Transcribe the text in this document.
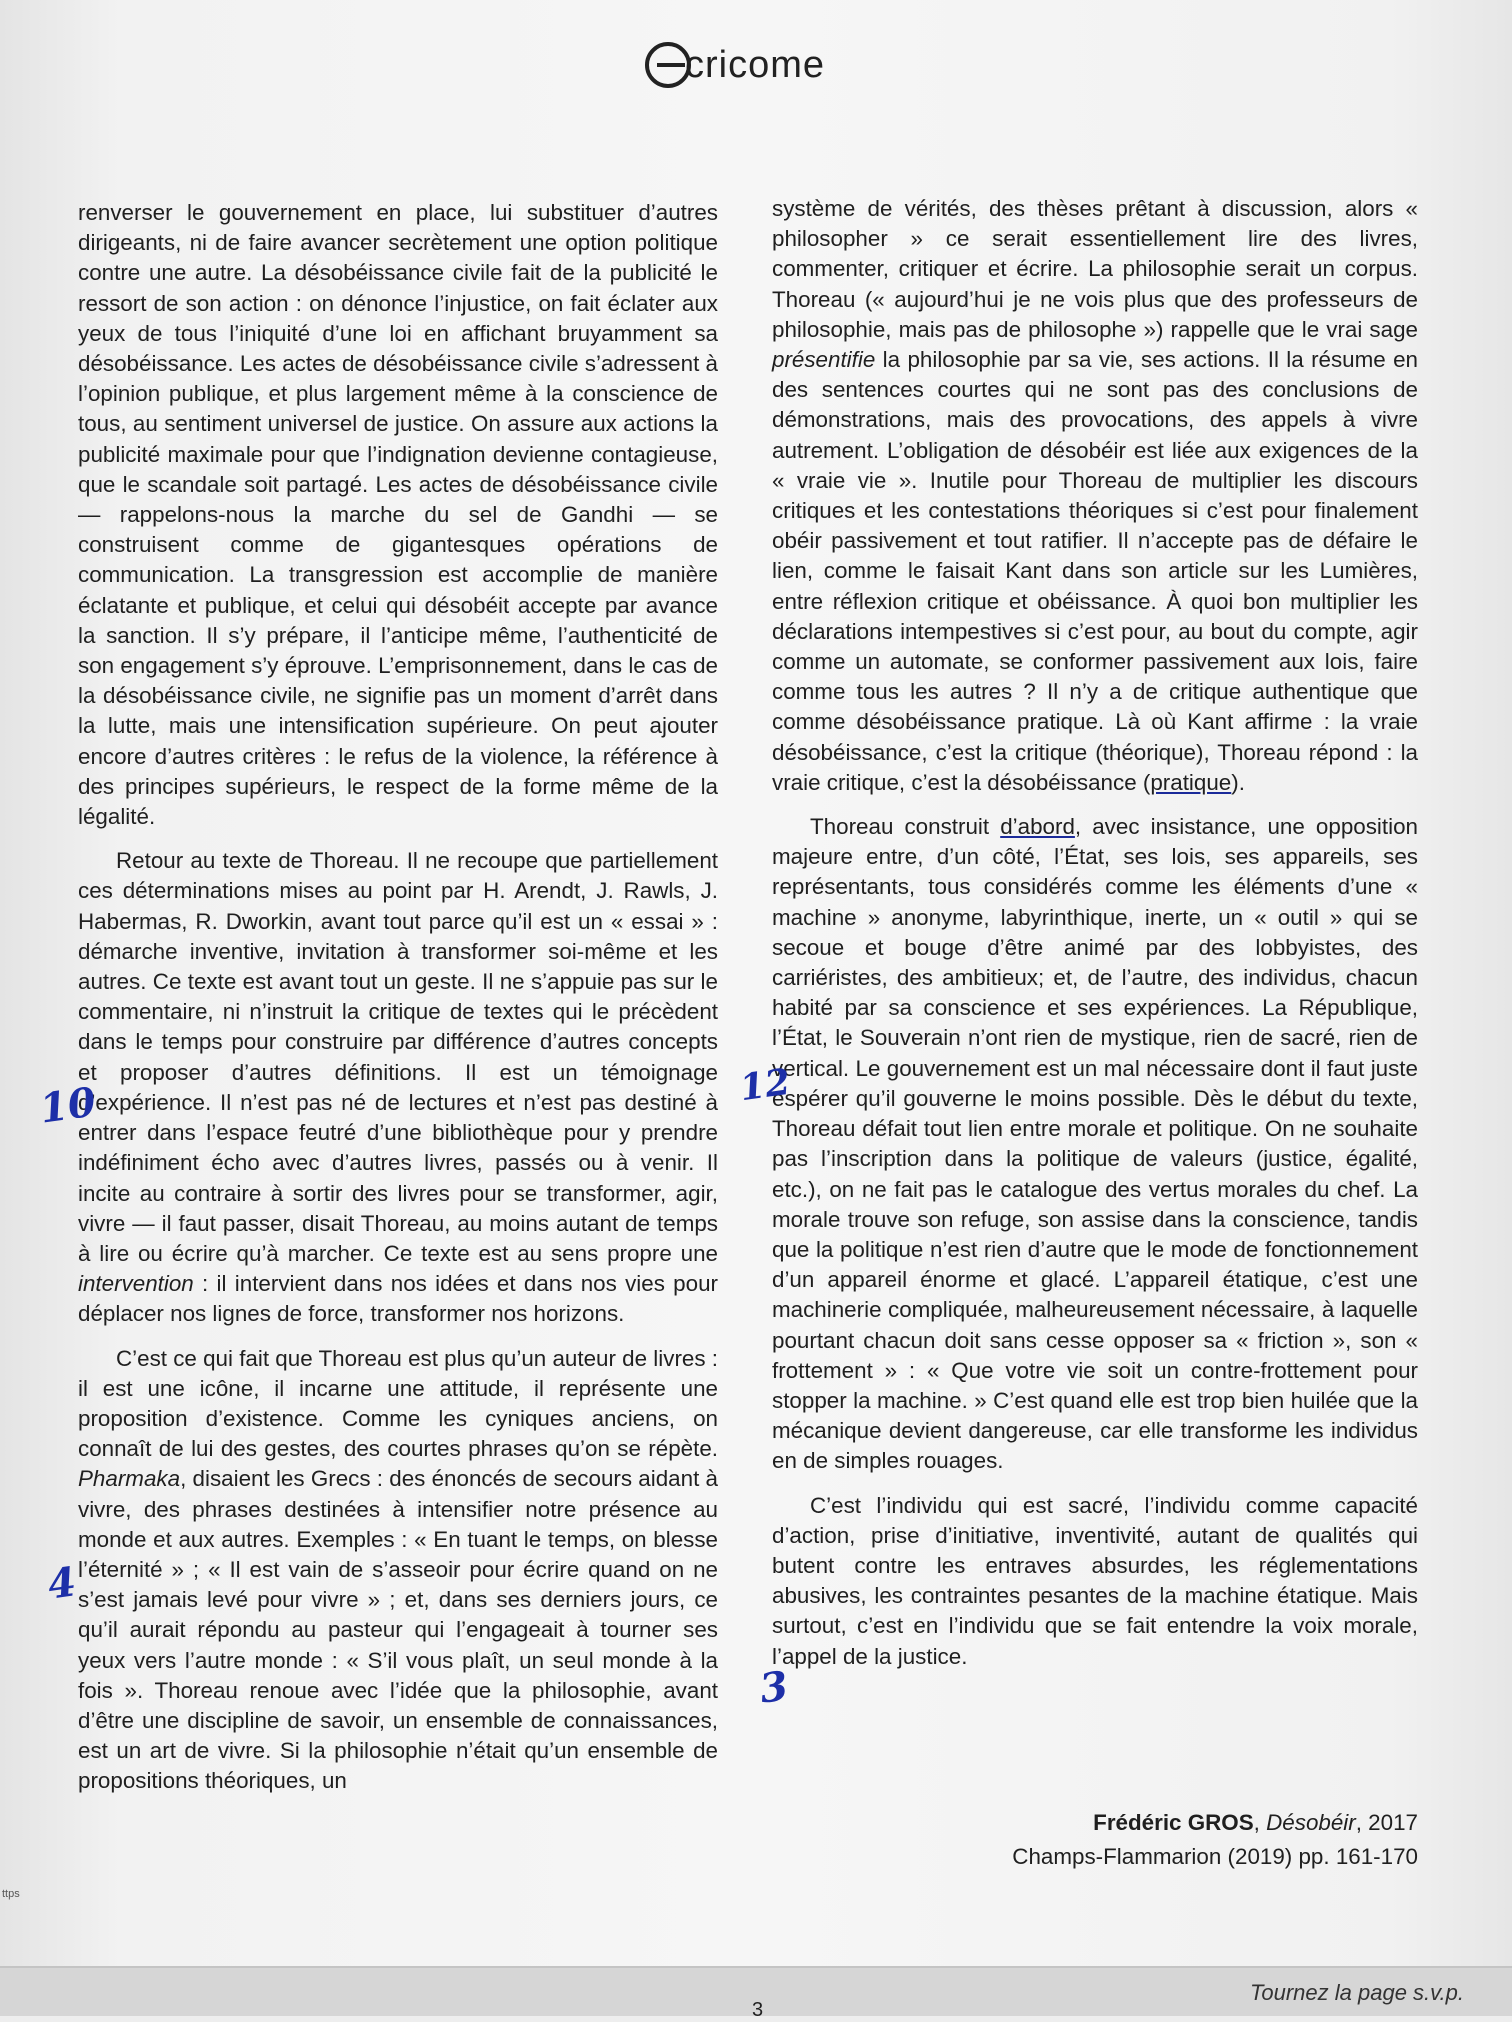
cricome

renverser le gouvernement en place, lui substituer d’autres dirigeants, ni de faire avancer secrètement une option politique contre une autre. La désobéissance civile fait de la publicité le ressort de son action : on dénonce l’injustice, on fait éclater aux yeux de tous l’iniquité d’une loi en affichant bruyamment sa désobéissance. Les actes de désobéissance civile s’adressent à l’opinion publique, et plus largement même à la conscience de tous, au sentiment universel de justice. On assure aux actions la publicité maximale pour que l’indignation devienne contagieuse, que le scandale soit partagé. Les actes de désobéissance civile — rappelons-nous la marche du sel de Gandhi — se construisent comme de gigantesques opérations de communication. La transgression est accomplie de manière éclatante et publique, et celui qui désobéit accepte par avance la sanction. Il s’y prépare, il l’anticipe même, l’authenticité de son engagement s’y éprouve. L’emprisonnement, dans le cas de la désobéissance civile, ne signifie pas un moment d’arrêt dans la lutte, mais une intensification supérieure. On peut ajouter encore d’autres critères : le refus de la violence, la référence à des principes supérieurs, le respect de la forme même de la légalité.

Retour au texte de Thoreau. Il ne recoupe que partiellement ces déterminations mises au point par H. Arendt, J. Rawls, J. Habermas, R. Dworkin, avant tout parce qu’il est un « essai » : démarche inventive, invitation à transformer soi-même et les autres. Ce texte est avant tout un geste. Il ne s’appuie pas sur le commentaire, ni n’instruit la critique de textes qui le précèdent dans le temps pour construire par différence d’autres concepts et proposer d’autres définitions. Il est un témoignage d’expérience. Il n’est pas né de lectures et n’est pas destiné à entrer dans l’espace feutré d’une bibliothèque pour y prendre indéfiniment écho avec d’autres livres, passés ou à venir. Il incite au contraire à sortir des livres pour se transformer, agir, vivre — il faut passer, disait Thoreau, au moins autant de temps à lire ou écrire qu’à marcher. Ce texte est au sens propre une intervention : il intervient dans nos idées et dans nos vies pour déplacer nos lignes de force, transformer nos horizons.

C’est ce qui fait que Thoreau est plus qu’un auteur de livres : il est une icône, il incarne une attitude, il représente une proposition d’existence. Comme les cyniques anciens, on connaît de lui des gestes, des courtes phrases qu’on se répète. Pharmaka, disaient les Grecs : des énoncés de secours aidant à vivre, des phrases destinées à intensifier notre présence au monde et aux autres. Exemples : « En tuant le temps, on blesse l’éternité » ; « Il est vain de s’asseoir pour écrire quand on ne s’est jamais levé pour vivre » ; et, dans ses derniers jours, ce qu’il aurait répondu au pasteur qui l’engageait à tourner ses yeux vers l’autre monde : « S’il vous plaît, un seul monde à la fois ». Thoreau renoue avec l’idée que la philosophie, avant d’être une discipline de savoir, un ensemble de connaissances, est un art de vivre. Si la philosophie n’était qu’un ensemble de propositions théoriques, un

système de vérités, des thèses prêtant à discussion, alors « philosopher » ce serait essentiellement lire des livres, commenter, critiquer et écrire. La philosophie serait un corpus. Thoreau (« aujourd’hui je ne vois plus que des professeurs de philosophie, mais pas de philosophe ») rappelle que le vrai sage présentifie la philosophie par sa vie, ses actions. Il la résume en des sentences courtes qui ne sont pas des conclusions de démonstrations, mais des provocations, des appels à vivre autrement. L’obligation de désobéir est liée aux exigences de la « vraie vie ». Inutile pour Thoreau de multiplier les discours critiques et les contestations théoriques si c’est pour finalement obéir passivement et tout ratifier. Il n’accepte pas de défaire le lien, comme le faisait Kant dans son article sur les Lumières, entre réflexion critique et obéissance. À quoi bon multiplier les déclarations intempestives si c’est pour, au bout du compte, agir comme un automate, se conformer passivement aux lois, faire comme tous les autres ? Il n’y a de critique authentique que comme désobéissance pratique. Là où Kant affirme : la vraie désobéissance, c’est la critique (théorique), Thoreau répond : la vraie critique, c’est la désobéissance (pratique).

Thoreau construit d’abord, avec insistance, une opposition majeure entre, d’un côté, l’État, ses lois, ses appareils, ses représentants, tous considérés comme les éléments d’une « machine » anonyme, labyrinthique, inerte, un « outil » qui se secoue et bouge d’être animé par des lobbyistes, des carriéristes, des ambitieux; et, de l’autre, des individus, chacun habité par sa conscience et ses expériences. La République, l’État, le Souverain n’ont rien de mystique, rien de sacré, rien de vertical. Le gouvernement est un mal nécessaire dont il faut juste espérer qu’il gouverne le moins possible. Dès le début du texte, Thoreau défait tout lien entre morale et politique. On ne souhaite pas l’inscription dans la politique de valeurs (justice, égalité, etc.), on ne fait pas le catalogue des vertus morales du chef. La morale trouve son refuge, son assise dans la conscience, tandis que la politique n’est rien d’autre que le mode de fonctionnement d’un appareil énorme et glacé. L’appareil étatique, c’est une machinerie compliquée, malheureusement nécessaire, à laquelle pourtant chacun doit sans cesse opposer sa « friction », son « frottement » : « Que votre vie soit un contre-frottement pour stopper la machine. » C’est quand elle est trop bien huilée que la mécanique devient dangereuse, car elle transforme les individus en de simples rouages.

C’est l’individu qui est sacré, l’individu comme capacité d’action, prise d’initiative, inventivité, autant de qualités qui butent contre les entraves absurdes, les réglementations abusives, les contraintes pesantes de la machine étatique. Mais surtout, c’est en l’individu que se fait entendre la voix morale, l’appel de la justice.

Frédéric GROS, Désobéir, 2017
Champs-Flammarion (2019) pp. 161-170
10	12
4
3
ttps
3
Tournez la page s.v.p.
